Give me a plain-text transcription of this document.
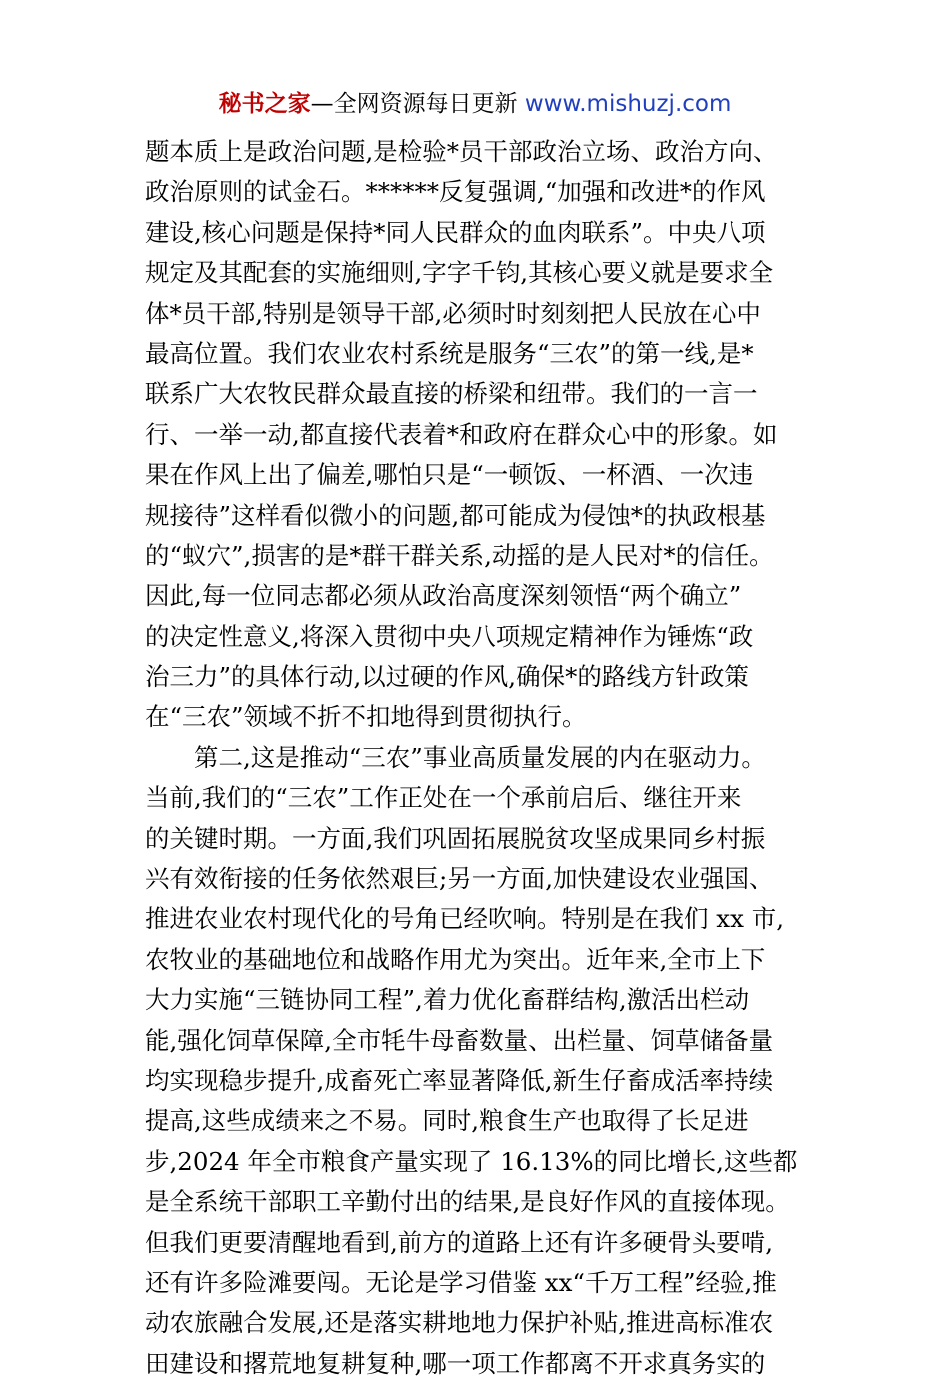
秘书之家—全网资源每日更新 www.mishuzj.com
题本质上是政治问题,是检验*员干部政治立场、政治方向、
政治原则的试金石。******反复强调,“加强和改进*的作风
建设,核心问题是保持*同人民群众的血肉联系”。中央八项
规定及其配套的实施细则,字字千钧,其核心要义就是要求全
体*员干部,特别是领导干部,必须时时刻刻把人民放在心中
最高位置。我们农业农村系统是服务“三农”的第一线,是*
联系广大农牧民群众最直接的桥梁和纽带。我们的一言一
行、一举一动,都直接代表着*和政府在群众心中的形象。如
果在作风上出了偏差,哪怕只是“一顿饭、一杯酒、一次违
规接待”这样看似微小的问题,都可能成为侵蚀*的执政根基
的“蚁穴”,损害的是*群干群关系,动摇的是人民对*的信任。
因此,每一位同志都必须从政治高度深刻领悟“两个确立”
的决定性意义,将深入贯彻中央八项规定精神作为锤炼“政
治三力”的具体行动,以过硬的作风,确保*的路线方针政策
在“三农”领域不折不扣地得到贯彻执行。
　　第二,这是推动“三农”事业高质量发展的内在驱动力。
当前,我们的“三农”工作正处在一个承前启后、继往开来
的关键时期。一方面,我们巩固拓展脱贫攻坚成果同乡村振
兴有效衔接的任务依然艰巨;另一方面,加快建设农业强国、
推进农业农村现代化的号角已经吹响。特别是在我们 xx 市,
农牧业的基础地位和战略作用尤为突出。近年来,全市上下
大力实施“三链协同工程”,着力优化畜群结构,激活出栏动
能,强化饲草保障,全市牦牛母畜数量、出栏量、饲草储备量
均实现稳步提升,成畜死亡率显著降低,新生仔畜成活率持续
提高,这些成绩来之不易。同时,粮食生产也取得了长足进
步,2024 年全市粮食产量实现了 16.13%的同比增长,这些都
是全系统干部职工辛勤付出的结果,是良好作风的直接体现。
但我们更要清醒地看到,前方的道路上还有许多硬骨头要啃,
还有许多险滩要闯。无论是学习借鉴 xx“千万工程”经验,推
动农旅融合发展,还是落实耕地地力保护补贴,推进高标准农
田建设和撂荒地复耕复种,哪一项工作都离不开求真务实的
